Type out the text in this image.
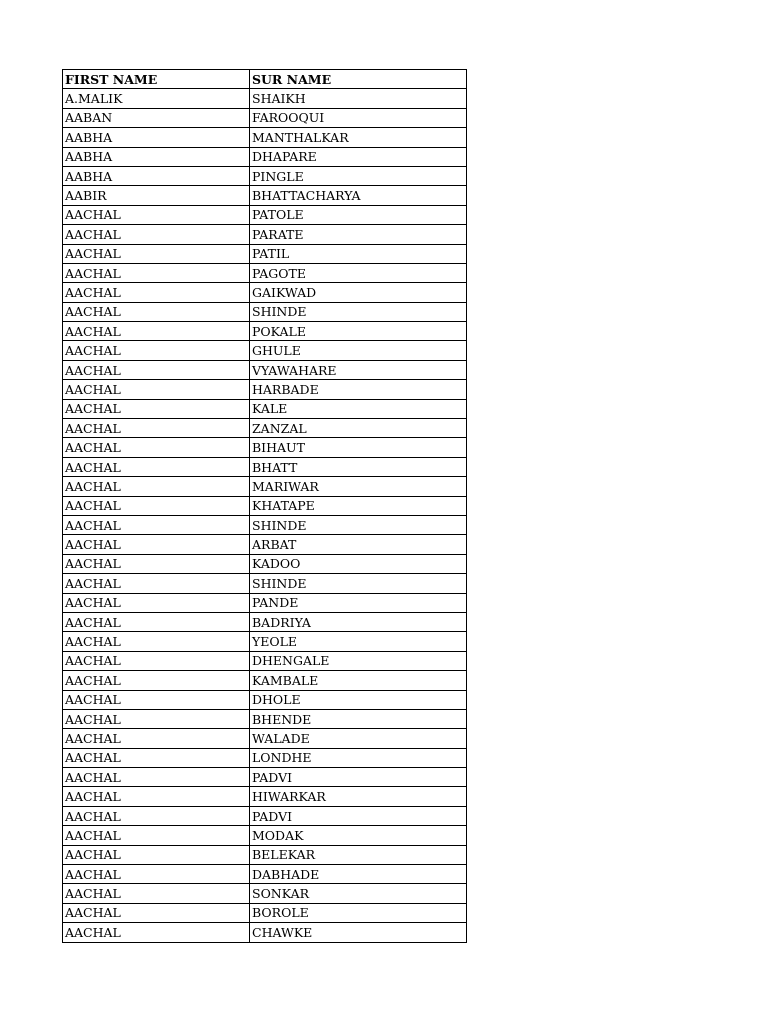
FIRST NAME	SUR NAME
A.MALIK	SHAIKH
AABAN	FAROOQUI
AABHA	MANTHALKAR
AABHA	DHAPARE
AABHA	PINGLE
AABIR	BHATTACHARYA
AACHAL	PATOLE
AACHAL	PARATE
AACHAL	PATIL
AACHAL	PAGOTE
AACHAL	GAIKWAD
AACHAL	SHINDE
AACHAL	POKALE
AACHAL	GHULE
AACHAL	VYAWAHARE
AACHAL	HARBADE
AACHAL	KALE
AACHAL	ZANZAL
AACHAL	BIHAUT
AACHAL	BHATT
AACHAL	MARIWAR
AACHAL	KHATAPE
AACHAL	SHINDE
AACHAL	ARBAT
AACHAL	KADOO
AACHAL	SHINDE
AACHAL	PANDE
AACHAL	BADRIYA
AACHAL	YEOLE
AACHAL	DHENGALE
AACHAL	KAMBALE
AACHAL	DHOLE
AACHAL	BHENDE
AACHAL	WALADE
AACHAL	LONDHE
AACHAL	PADVI
AACHAL	HIWARKAR
AACHAL	PADVI
AACHAL	MODAK
AACHAL	BELEKAR
AACHAL	DABHADE
AACHAL	SONKAR
AACHAL	BOROLE
AACHAL	CHAWKE
